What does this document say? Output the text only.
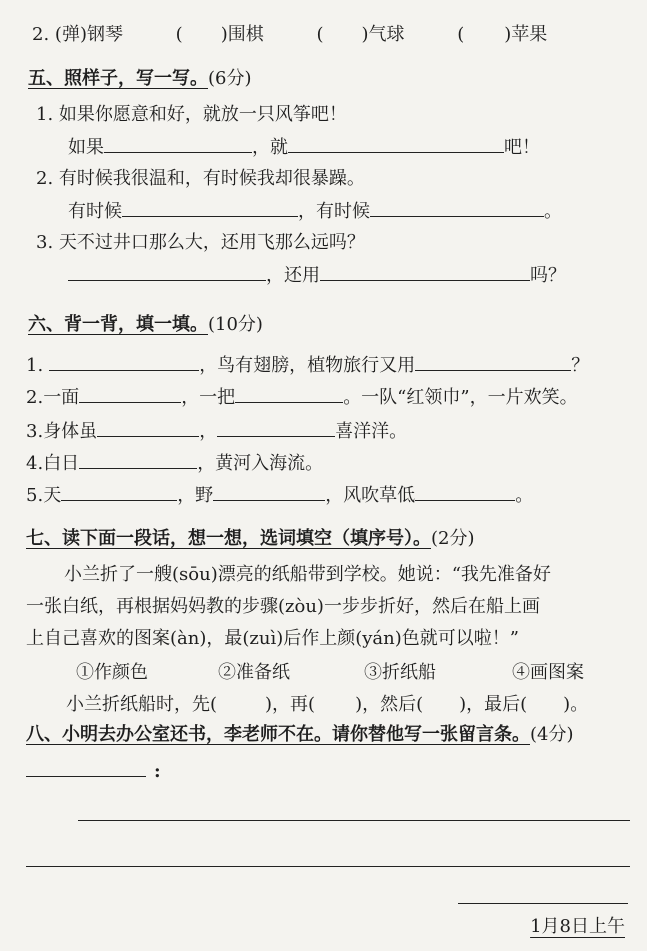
2. (弹)钢琴	( )围棋	( )气球	( )苹果
五、照样子，写一写。(6分)
1. 如果你愿意和好，就放一只风筝吧！
如果	，就	吧！
2. 有时候我很温和，有时候我却很暴躁。
有时候	，有时候	。
3. 天不过井口那么大，还用飞那么远吗？
，还用	吗？
六、背一背，填一填。(10分)
1.	，鸟有翅膀，植物旅行又用	？
2.一面	，一把	。一队“红领巾”，一片欢笑。
3.身体虽	，	喜洋洋。
4.白日	，黄河入海流。
5.天	，野	，风吹草低	。
七、读下面一段话，想一想，选词填空（填序号）。(2分)
小兰折了一艘(sōu)漂亮的纸船带到学校。她说：“我先准备好
一张白纸，再根据妈妈教的步骤(zòu)一步步折好，然后在船上画
上自己喜欢的图案(àn)，最(zuì)后作上颜(yán)色就可以啦！”
①作颜色	②准备纸	③折纸船	④画图案
小兰折纸船时，先(	)，再( )，然后( )，最后( )。
八、小明去办公室还书，李老师不在。请你替他写一张留言条。(4分)
:
1月8日上午
